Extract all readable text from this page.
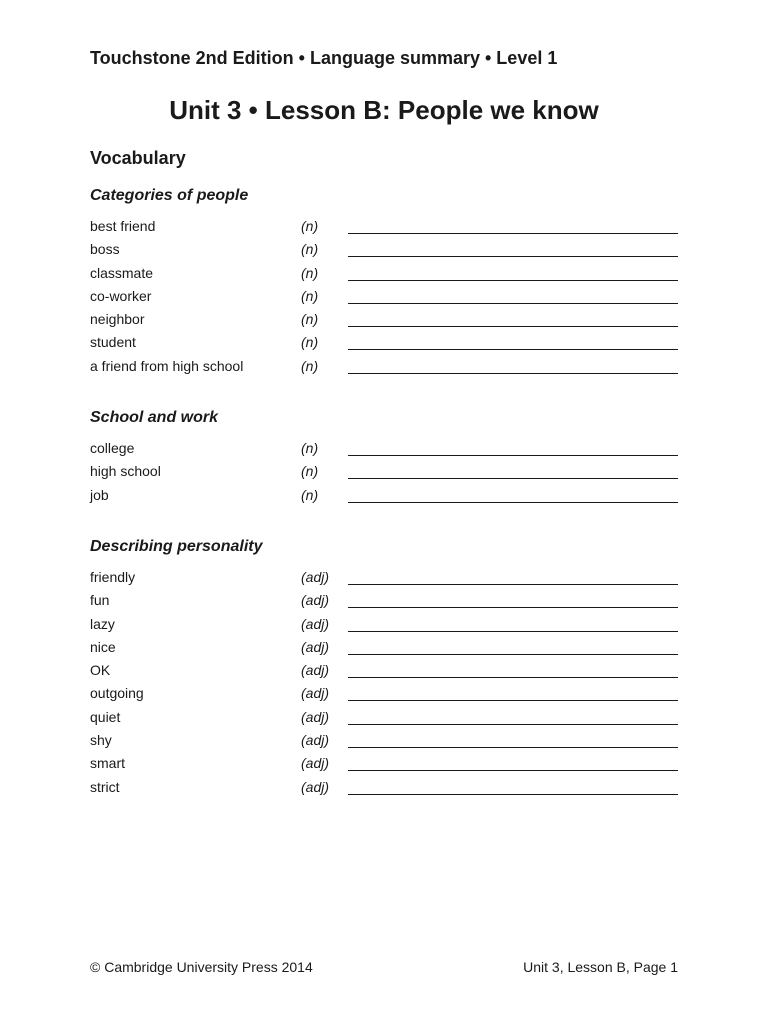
Touchstone 2nd Edition • Language summary • Level 1
Unit 3 • Lesson B: People we know
Vocabulary
Categories of people
best friend	(n)
boss	(n)
classmate	(n)
co-worker	(n)
neighbor	(n)
student	(n)
a friend from high school	(n)
School and work
college	(n)
high school	(n)
job	(n)
Describing personality
friendly	(adj)
fun	(adj)
lazy	(adj)
nice	(adj)
OK	(adj)
outgoing	(adj)
quiet	(adj)
shy	(adj)
smart	(adj)
strict	(adj)
© Cambridge University Press 2014	Unit 3, Lesson B, Page 1
